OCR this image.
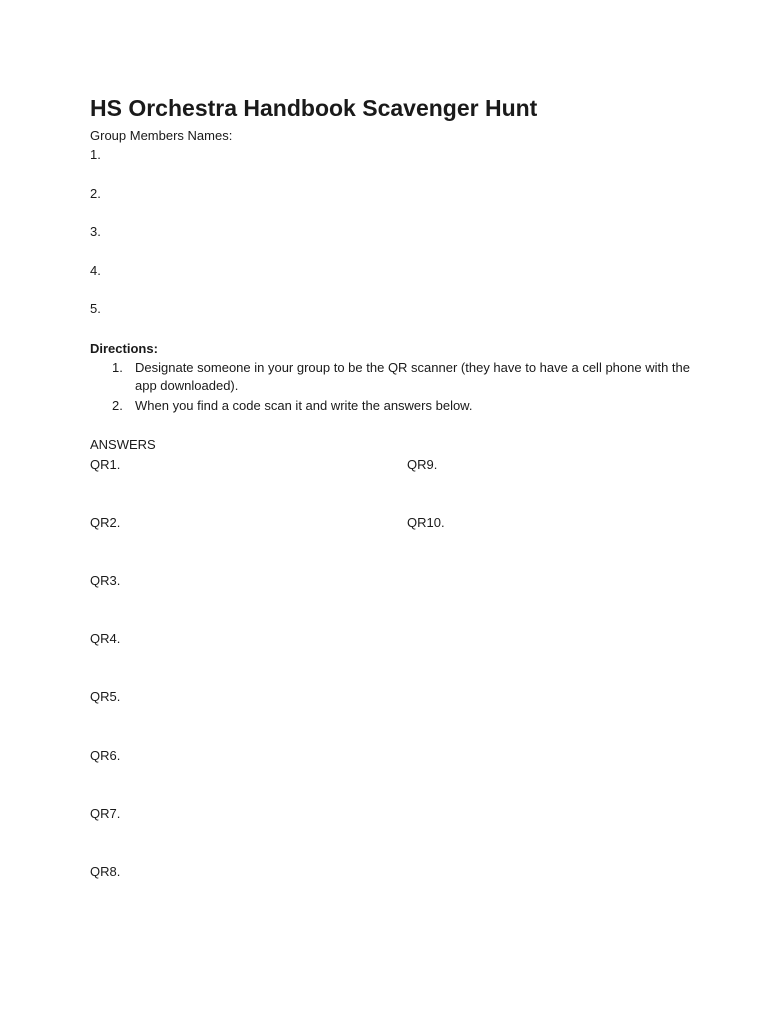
HS Orchestra Handbook Scavenger Hunt
Group Members Names:
1.
2.
3.
4.
5.
Directions:
1. Designate someone in your group to be the QR scanner (they have to have a cell phone with the app downloaded).
2. When you find a code scan it and write the answers below.
ANSWERS
QR1.
QR2.
QR3.
QR4.
QR5.
QR6.
QR7.
QR8.
QR9.
QR10.
